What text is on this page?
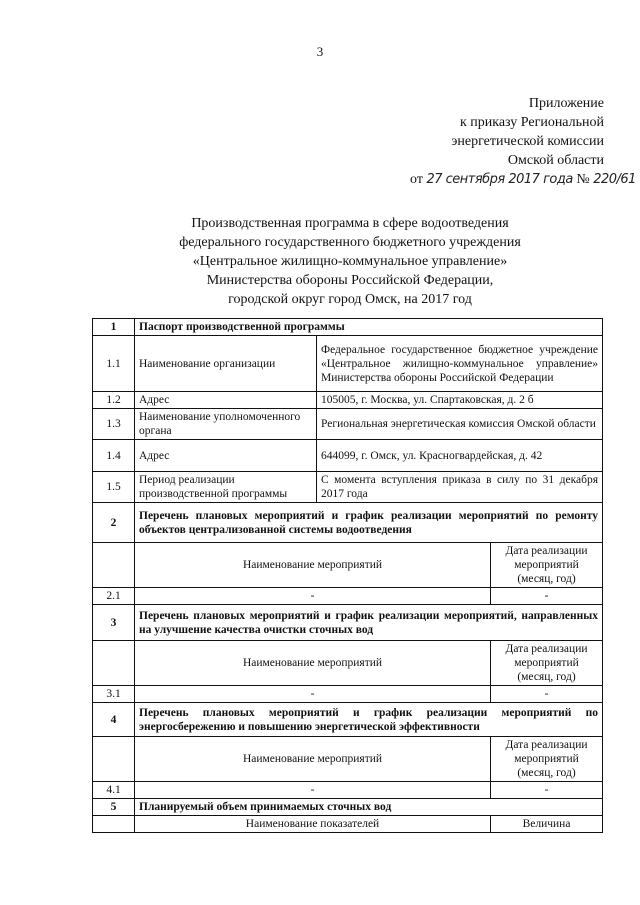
3
Приложение
к приказу Региональной
энергетической комиссии
Омской области
от 27 сентября 2017 года № 220/61
Производственная программа в сфере водоотведения
федерального государственного бюджетного учреждения
«Центральное жилищно-коммунальное управление»
Министерства обороны Российской Федерации,
городской округ город Омск, на 2017 год
1	Паспорт производственной программы		
1.1	Наименование организации	Федеральное государственное бюджетное учреждение «Центральное жилищно-коммунальное управление» Министерства обороны Российской Федерации	
1.2	Адрес	105005, г. Москва, ул. Спартаковская, д. 2 б	
1.3	Наименование уполномоченного органа	Региональная энергетическая комиссия Омской области	
1.4	Адрес	644099, г. Омск, ул. Красногвардейская, д. 42	
1.5	Период реализации производственной программы	С момента вступления приказа в силу по 31 декабря 2017 года	
2	Перечень плановых мероприятий и график реализации мероприятий по ремонту объектов централизованной системы водоотведения		
	Наименование мероприятий		Дата реализации мероприятий (месяц, год)
2.1	-		-
3	Перечень плановых мероприятий и график реализации мероприятий, направленных на улучшение качества очистки сточных вод		
	Наименование мероприятий		Дата реализации мероприятий (месяц, год)
3.1	-		-
4	Перечень плановых мероприятий и график реализации мероприятий по энергосбережению и повышению энергетической эффективности		
	Наименование мероприятий		Дата реализации мероприятий (месяц, год)
4.1	-		-
5	Планируемый объем принимаемых сточных вод		
	Наименование показателей		Величина
